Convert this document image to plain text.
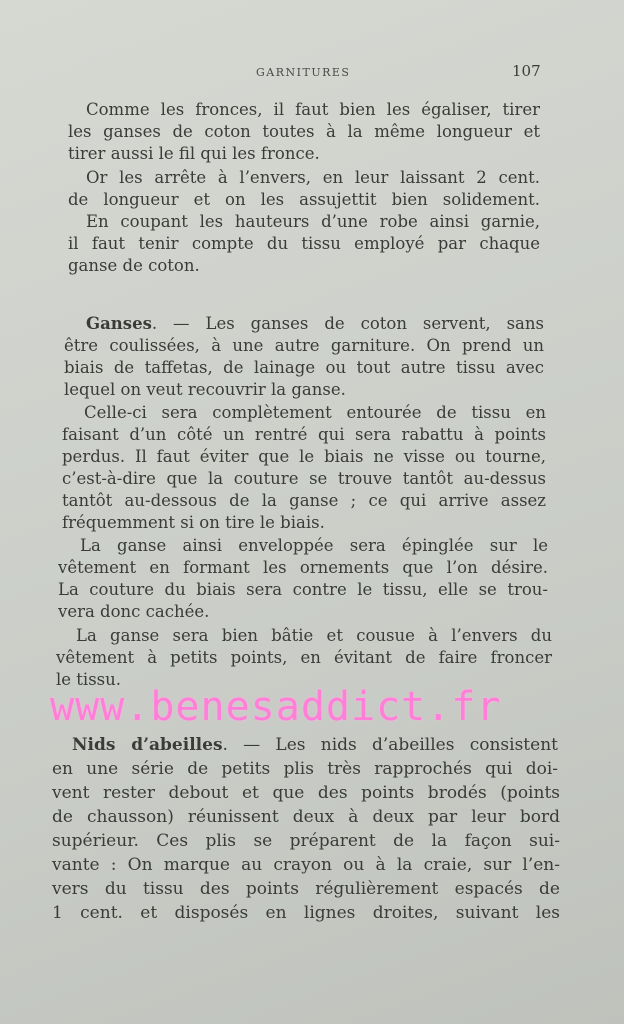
GARNITURES	107
Comme les fronces, il faut bien les égaliser, tirer
les ganses de coton toutes à la même longueur et
tirer aussi le fil qui les fronce.
Or les arrête à l’envers, en leur laissant 2 cent.
de longueur et on les assujettit bien solidement.
En coupant les hauteurs d’une robe ainsi garnie,
il faut tenir compte du tissu employé par chaque
ganse de coton.
Ganses. — Les ganses de coton servent, sans
être coulissées, à une autre garniture. On prend un
biais de taffetas, de lainage ou tout autre tissu avec
lequel on veut recouvrir la ganse.
Celle-ci sera complètement entourée de tissu en
faisant d’un côté un rentré qui sera rabattu à points
perdus. Il faut éviter que le biais ne visse ou tourne,
c’est-à-dire que la couture se trouve tantôt au-dessus
tantôt au-dessous de la ganse ; ce qui arrive assez
fréquemment si on tire le biais.
La ganse ainsi enveloppée sera épinglée sur le
vêtement en formant les ornements que l’on désire.
La couture du biais sera contre le tissu, elle se trou-
vera donc cachée.
La ganse sera bien bâtie et cousue à l’envers du
vêtement à petits points, en évitant de faire froncer
le tissu.
www.benesaddict.fr
Nids d’abeilles. — Les nids d’abeilles consistent
en une série de petits plis très rapprochés qui doi-
vent rester debout et que des points brodés (points
de chausson) réunissent deux à deux par leur bord
supérieur. Ces plis se préparent de la façon sui-
vante : On marque au crayon ou à la craie, sur l’en-
vers du tissu des points régulièrement espacés de
1 cent. et disposés en lignes droites, suivant les
